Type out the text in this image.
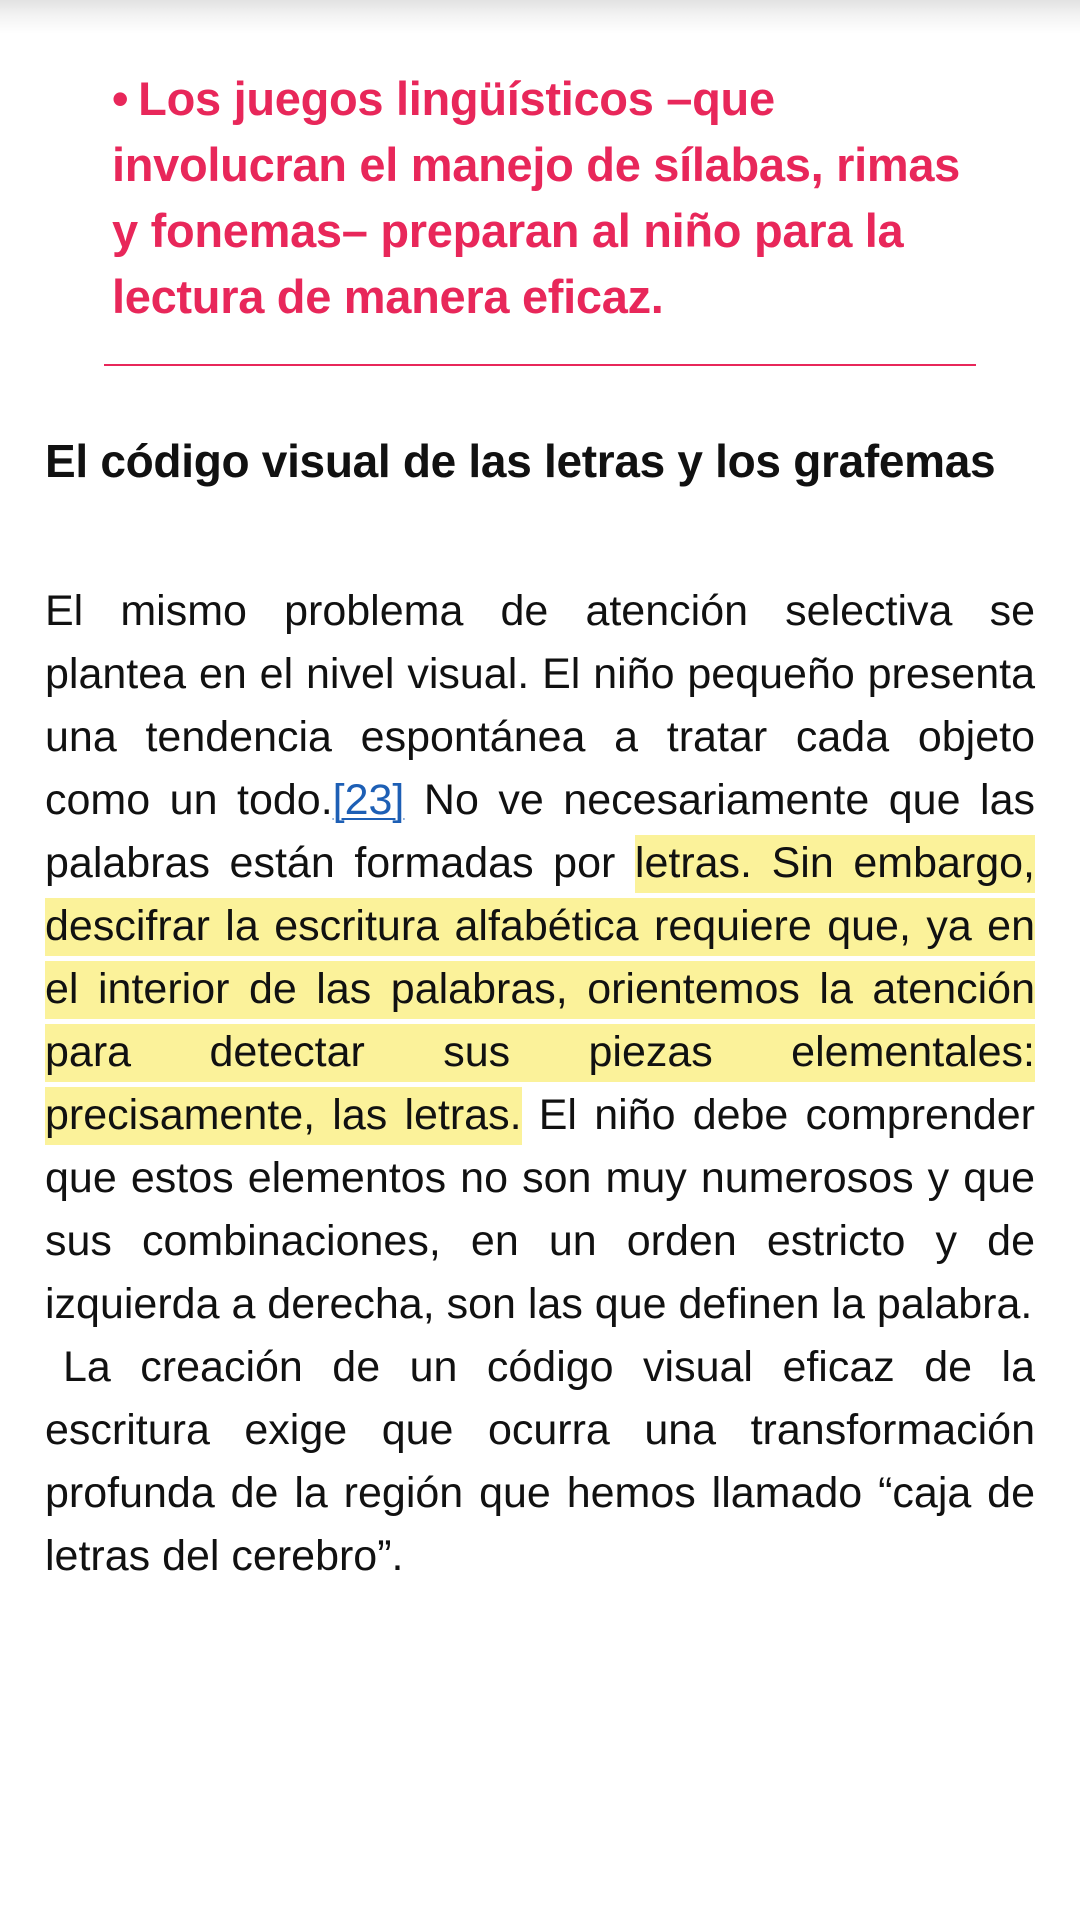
• Los juegos lingüísticos –que involucran el manejo de sílabas, rimas y fonemas– preparan al niño para la lectura de manera eficaz.

El código visual de las letras y los grafemas

El mismo problema de atención selectiva se plantea en el nivel visual. El niño pequeño presenta una tendencia espontánea a tratar cada objeto como un todo.[23] No ve necesariamente que las palabras están formadas por letras. Sin embargo, descifrar la escritura alfabética requiere que, ya en el interior de las palabras, orientemos la atención para detectar sus piezas elementales: precisamente, las letras. El niño debe comprender que estos elementos no son muy numerosos y que sus combinaciones, en un orden estricto y de izquierda a derecha, son las que definen la palabra.

La creación de un código visual eficaz de la escritura exige que ocurra una transformación profunda de la región que hemos llamado “caja de letras del cerebro”.
